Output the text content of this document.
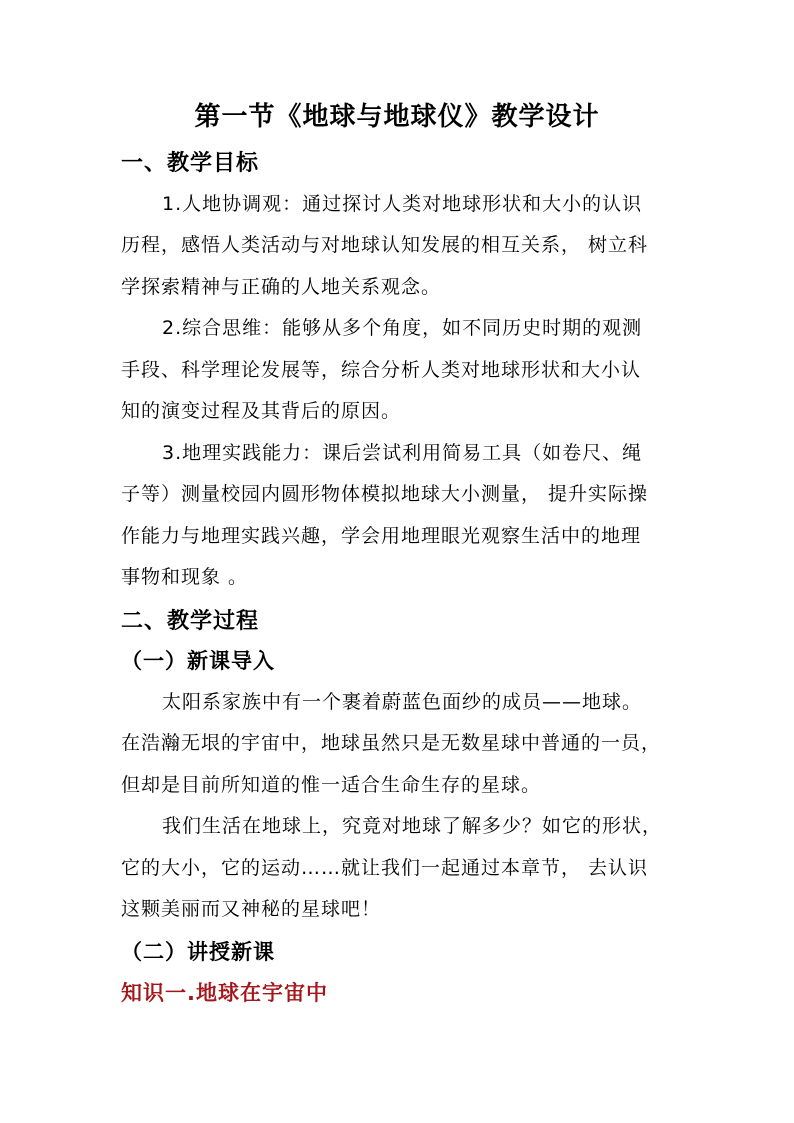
第一节《地球与地球仪》教学设计
一、教学目标
1.人地协调观：通过探讨人类对地球形状和大小的认识
历程，感悟人类活动与对地球认知发展的相互关系， 树立科
学探索精神与正确的人地关系观念。
2.综合思维：能够从多个角度，如不同历史时期的观测
手段、科学理论发展等，综合分析人类对地球形状和大小认
知的演变过程及其背后的原因。
3.地理实践能力：课后尝试利用简易工具（如卷尺、绳
子等）测量校园内圆形物体模拟地球大小测量， 提升实际操
作能力与地理实践兴趣，学会用地理眼光观察生活中的地理
事物和现象 。
二、教学过程
（一）新课导入
太阳系家族中有一个裹着蔚蓝色面纱的成员——地球。
在浩瀚无垠的宇宙中，地球虽然只是无数星球中普通的一员，
但却是目前所知道的惟一适合生命生存的星球。
我们生活在地球上，究竟对地球了解多少？如它的形状，
它的大小，它的运动……就让我们一起通过本章节， 去认识
这颗美丽而又神秘的星球吧！
（二）讲授新课
知识一.地球在宇宙中
